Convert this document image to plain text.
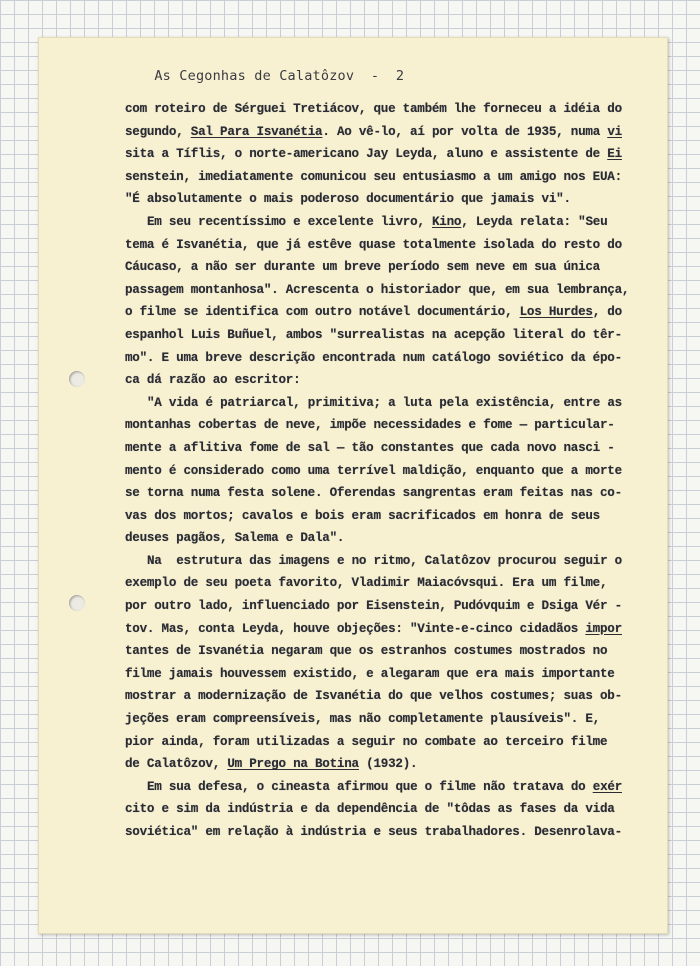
As Cegonhas de Calatôzov - 2

com roteiro de Sérguei Tretiácov, que também lhe forneceu a idéia do
segundo, Sal Para Isvanétia. Ao vê-lo, aí por volta de 1935, numa vi
sita a Tíflis, o norte-americano Jay Leyda, aluno e assistente de Ei
senstein, imediatamente comunicou seu entusiasmo a um amigo nos EUA:
"É absolutamente o mais poderoso documentário que jamais vi".
Em seu recentíssimo e excelente livro, Kino, Leyda relata: "Seu
tema é Isvanétia, que já estêve quase totalmente isolada do resto do
Cáucaso, a não ser durante um breve período sem neve em sua única
passagem montanhosa". Acrescenta o historiador que, em sua lembrança,
o filme se identifica com outro notável documentário, Los Hurdes, do
espanhol Luis Buñuel, ambos "surrealistas na acepção literal do têr-
mo". E uma breve descrição encontrada num catálogo soviético da épo-
ca dá razão ao escritor:
"A vida é patriarcal, primitiva; a luta pela existência, entre as
montanhas cobertas de neve, impõe necessidades e fome — particular-
mente a aflitiva fome de sal — tão constantes que cada novo nasci -
mento é considerado como uma terrível maldição, enquanto que a morte
se torna numa festa solene. Oferendas sangrentas eram feitas nas co-
vas dos mortos; cavalos e bois eram sacrificados em honra de seus
deuses pagãos, Salema e Dala".
Na  estrutura das imagens e no ritmo, Calatôzov procurou seguir o
exemplo de seu poeta favorito, Vladimir Maiacóvsqui. Era um filme,
por outro lado, influenciado por Eisenstein, Pudóvquim e Dsiga Vér -
tov. Mas, conta Leyda, houve objeções: "Vinte-e-cinco cidadãos impor
tantes de Isvanétia negaram que os estranhos costumes mostrados no
filme jamais houvessem existido, e alegaram que era mais importante
mostrar a modernização de Isvanétia do que velhos costumes; suas ob-
jeções eram compreensíveis, mas não completamente plausíveis". E,
pior ainda, foram utilizadas a seguir no combate ao terceiro filme
de Calatôzov, Um Prego na Botina (1932).
Em sua defesa, o cineasta afirmou que o filme não tratava do exér
cito e sim da indústria e da dependência de "tôdas as fases da vida
soviética" em relação à indústria e seus trabalhadores. Desenrolava-
